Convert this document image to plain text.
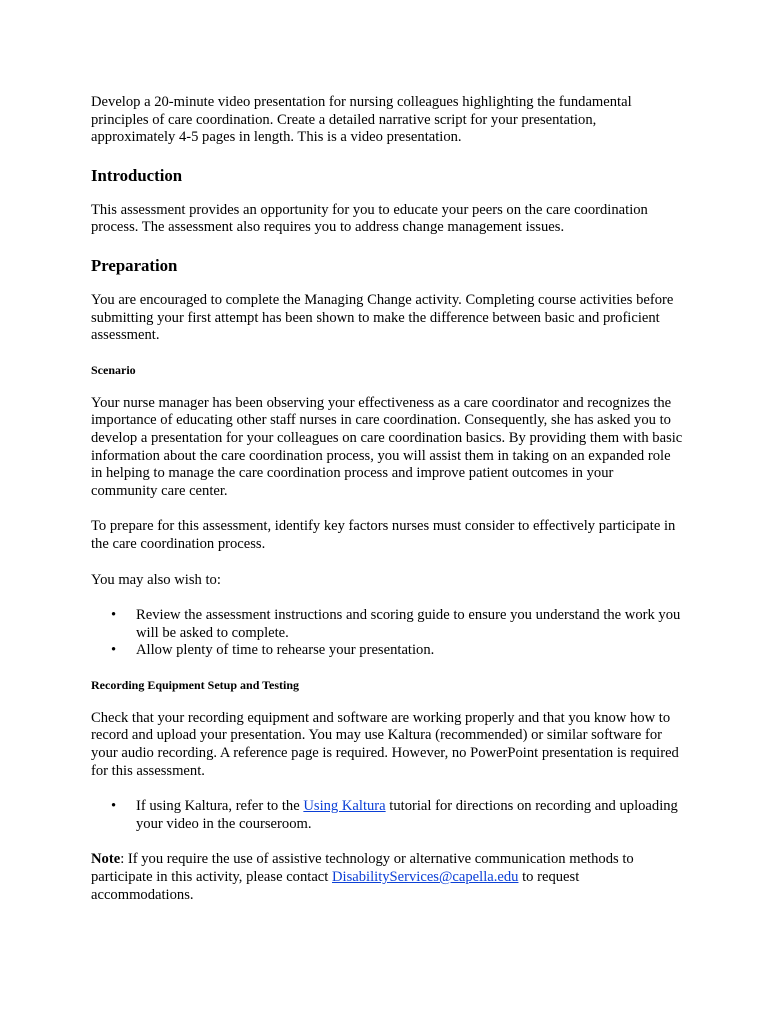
Develop a 20-minute video presentation for nursing colleagues highlighting the fundamental principles of care coordination. Create a detailed narrative script for your presentation, approximately 4-5 pages in length. This is a video presentation.

Introduction

This assessment provides an opportunity for you to educate your peers on the care coordination process. The assessment also requires you to address change management issues.

Preparation

You are encouraged to complete the Managing Change activity. Completing course activities before submitting your first attempt has been shown to make the difference between basic and proficient assessment.

Scenario

Your nurse manager has been observing your effectiveness as a care coordinator and recognizes the importance of educating other staff nurses in care coordination. Consequently, she has asked you to develop a presentation for your colleagues on care coordination basics. By providing them with basic information about the care coordination process, you will assist them in taking on an expanded role in helping to manage the care coordination process and improve patient outcomes in your community care center.

To prepare for this assessment, identify key factors nurses must consider to effectively participate in the care coordination process.

You may also wish to:

• Review the assessment instructions and scoring guide to ensure you understand the work you will be asked to complete.
• Allow plenty of time to rehearse your presentation.
Recording Equipment Setup and Testing

Check that your recording equipment and software are working properly and that you know how to record and upload your presentation. You may use Kaltura (recommended) or similar software for your audio recording. A reference page is required. However, no PowerPoint presentation is required for this assessment.

• If using Kaltura, refer to the Using Kaltura tutorial for directions on recording and uploading your video in the courseroom.

Note: If you require the use of assistive technology or alternative communication methods to participate in this activity, please contact DisabilityServices@capella.edu to request accommodations.
